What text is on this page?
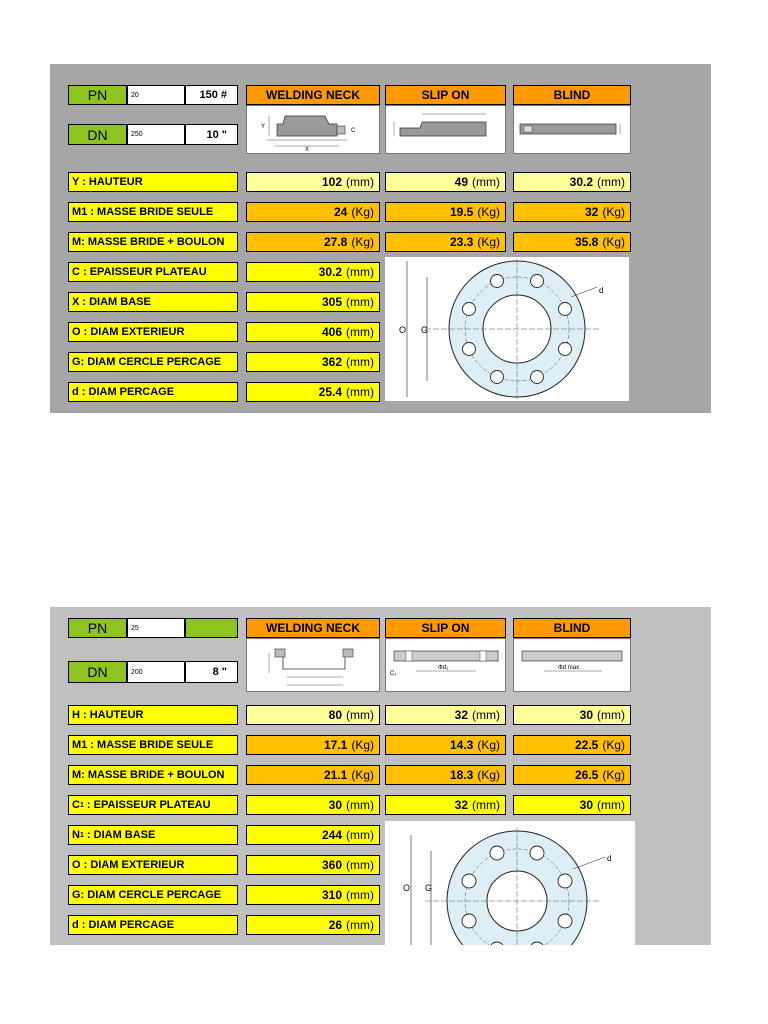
PN	20	150 #
DN	250	10 "
WELDING NECK	SLIP ON	BLIND
X
Y
C
Y : HAUTEUR	102 (mm)	49 (mm)	30.2 (mm)
M1 : MASSE BRIDE SEULE	24 (Kg)	19.5 (Kg)	32 (Kg)
M: MASSE BRIDE + BOULON	27.8 (Kg)	23.3 (Kg)	35.8 (Kg)
C : EPAISSEUR PLATEAU	30.2 (mm)
X : DIAM BASE	305 (mm)
O : DIAM EXTERIEUR	406 (mm)
G: DIAM CERCLE PERCAGE	362 (mm)
d : DIAM PERCAGE	25.4 (mm)
O G
d
PN	25
DN	200	8 "
WELDING NECK	SLIP ON	BLIND
Φd₁
C₁
Φd max.
H : HAUTEUR	80 (mm)	32 (mm)	30 (mm)
M1 : MASSE BRIDE SEULE	17.1 (Kg)	14.3 (Kg)	22.5 (Kg)
M: MASSE BRIDE + BOULON	21.1 (Kg)	18.3 (Kg)	26.5 (Kg)
C 1 : EPAISSEUR PLATEAU	30 (mm)	32 (mm)	30 (mm)
N 1 : DIAM BASE	244 (mm)
O : DIAM EXTERIEUR	360 (mm)
G: DIAM CERCLE PERCAGE	310 (mm)
d : DIAM PERCAGE	26 (mm)
O G
d
